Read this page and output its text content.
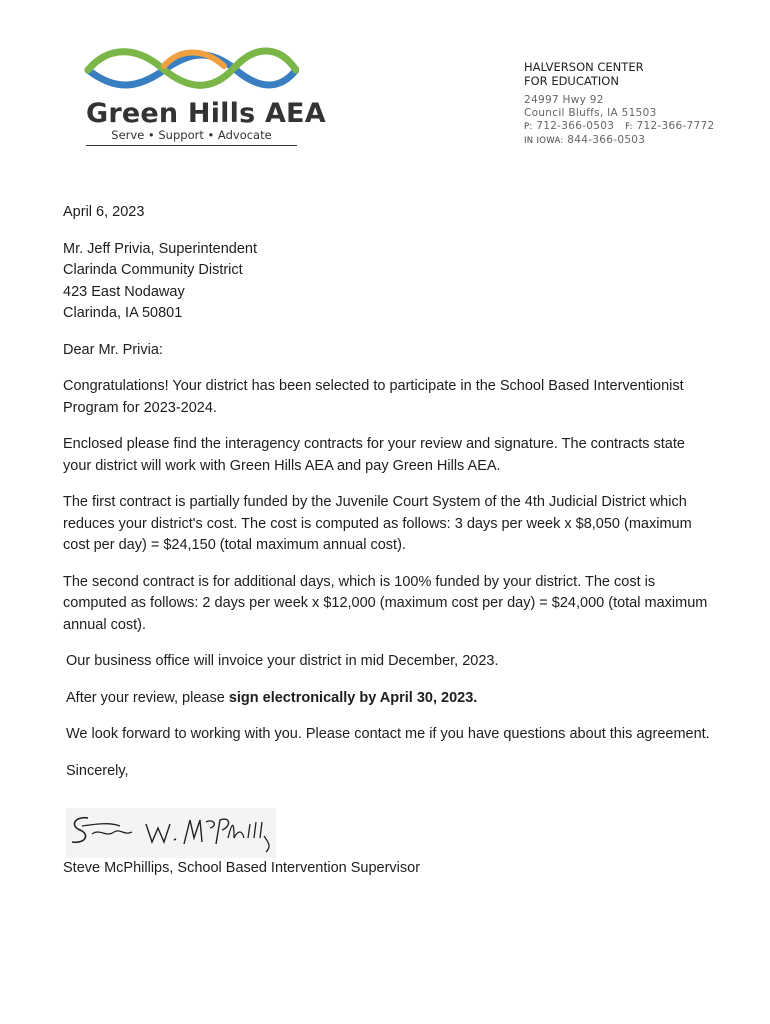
Green Hills AEA
Serve • Support • Advocate
HALVERSON CENTER
FOR EDUCATION
24997 Hwy 92
Council Bluffs, IA 51503
P: 712-366-0503 F: 712-366-7772
IN IOWA: 844-366-0503

April 6, 2023

Mr. Jeff Privia, Superintendent

Clarinda Community District

423 East Nodaway

Clarinda, IA 50801

Dear Mr. Privia:

Congratulations! Your district has been selected to participate in the School Based Interventionist Program for 2023-2024.

Enclosed please find the interagency contracts for your review and signature. The contracts state your district will work with Green Hills AEA and pay Green Hills AEA.

The first contract is partially funded by the Juvenile Court System of the 4th Judicial District which reduces your district's cost. The cost is computed as follows: 3 days per week x $8,050 (maximum cost per day) = $24,150 (total maximum annual cost).

The second contract is for additional days, which is 100% funded by your district. The cost is computed as follows: 2 days per week x $12,000 (maximum cost per day) = $24,000 (total maximum annual cost).

Our business office will invoice your district in mid December, 2023.

After your review, please sign electronically by April 30, 2023.

We look forward to working with you. Please contact me if you have questions about this agreement.

Sincerely,

Steve McPhillips, School Based Intervention Supervisor
